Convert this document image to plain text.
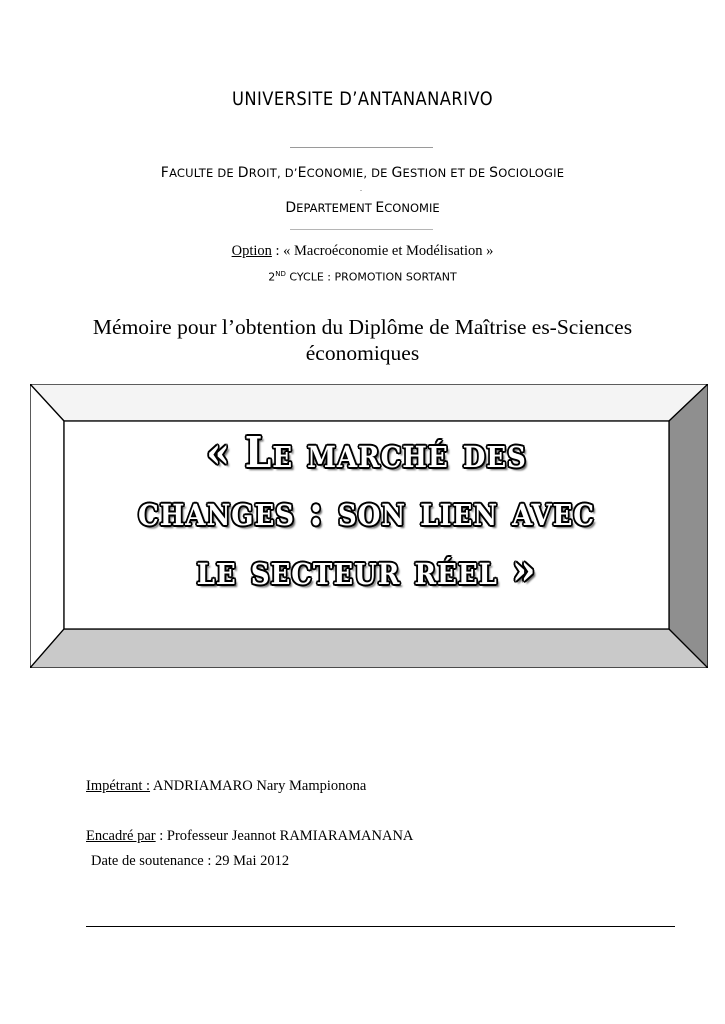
UNIVERSITE D’ANTANANARIVO
FACULTE DE DROIT, D’ECONOMIE, DE GESTION ET DE SOCIOLOGIE
DEPARTEMENT ECONOMIE
Option : « Macroéconomie et Modélisation »
2ND CYCLE : PROMOTION SORTANT
Mémoire pour l’obtention du Diplôme de Maîtrise es-Sciences
économiques
« Le marché des
changes : son lien avec
le secteur réel »
Impétrant : ANDRIAMARO Nary Mampionona
Encadré par : Professeur Jeannot RAMIARAMANANA
Date de soutenance : 29 Mai 2012
